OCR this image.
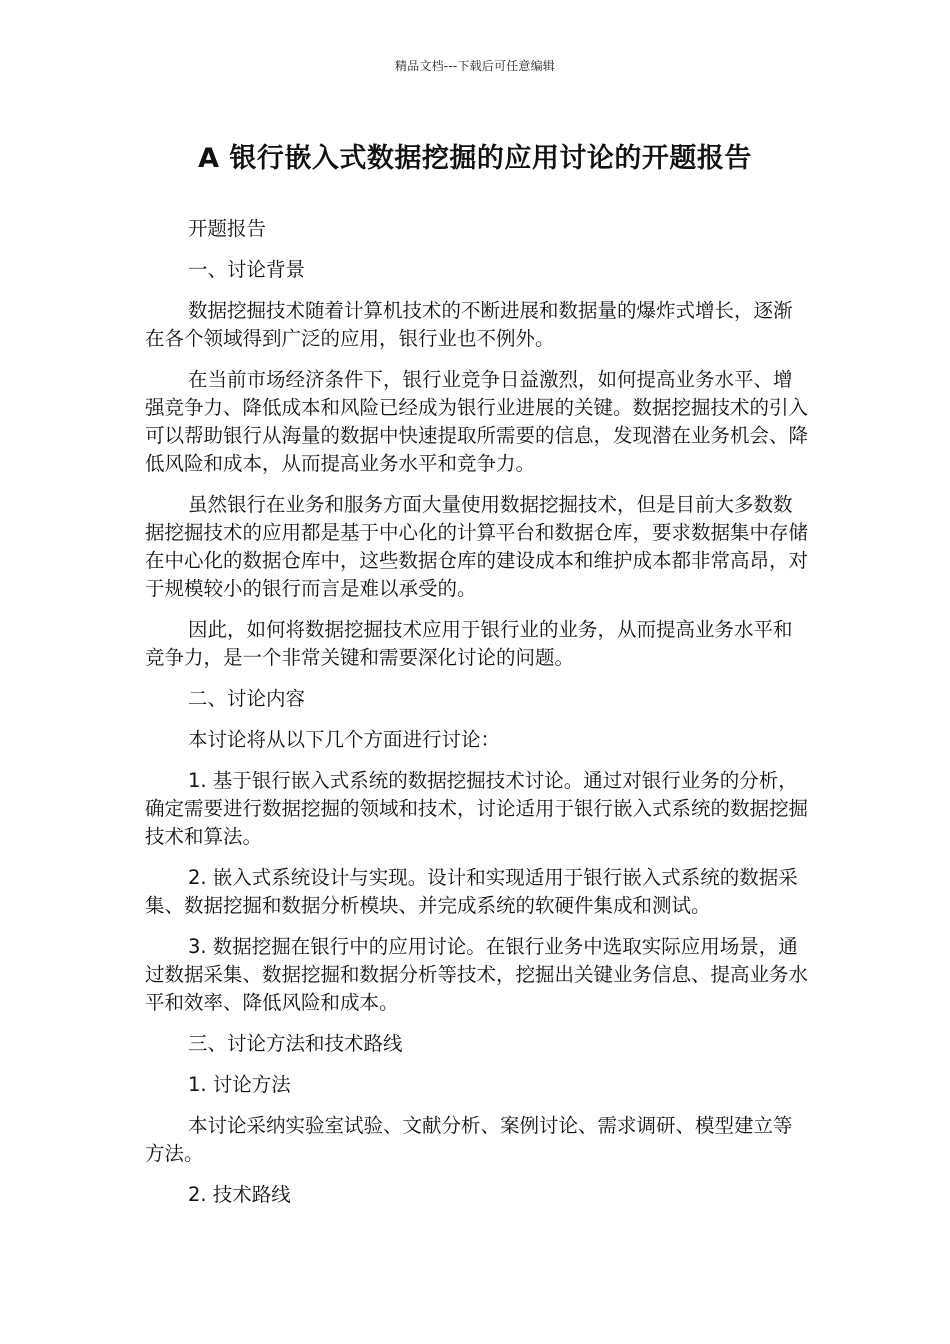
精品文档---下载后可任意编辑
A 银行嵌入式数据挖掘的应用讨论的开题报告

开题报告

一、讨论背景

数据挖掘技术随着计算机技术的不断进展和数据量的爆炸式增长，逐渐在各个领域得到广泛的应用，银行业也不例外。

在当前市场经济条件下，银行业竞争日益激烈，如何提高业务水平、增强竞争力、降低成本和风险已经成为银行业进展的关键。数据挖掘技术的引入可以帮助银行从海量的数据中快速提取所需要的信息，发现潜在业务机会、降低风险和成本，从而提高业务水平和竞争力。

虽然银行在业务和服务方面大量使用数据挖掘技术，但是目前大多数数据挖掘技术的应用都是基于中心化的计算平台和数据仓库，要求数据集中存储在中心化的数据仓库中，这些数据仓库的建设成本和维护成本都非常高昂，对于规模较小的银行而言是难以承受的。

因此，如何将数据挖掘技术应用于银行业的业务，从而提高业务水平和竞争力，是一个非常关键和需要深化讨论的问题。

二、讨论内容

本讨论将从以下几个方面进行讨论：

1. 基于银行嵌入式系统的数据挖掘技术讨论。通过对银行业务的分析，确定需要进行数据挖掘的领域和技术，讨论适用于银行嵌入式系统的数据挖掘技术和算法。

2. 嵌入式系统设计与实现。设计和实现适用于银行嵌入式系统的数据采集、数据挖掘和数据分析模块、并完成系统的软硬件集成和测试。

3. 数据挖掘在银行中的应用讨论。在银行业务中选取实际应用场景，通过数据采集、数据挖掘和数据分析等技术，挖掘出关键业务信息、提高业务水平和效率、降低风险和成本。

三、讨论方法和技术路线

1. 讨论方法

本讨论采纳实验室试验、文献分析、案例讨论、需求调研、模型建立等方法。

2. 技术路线
